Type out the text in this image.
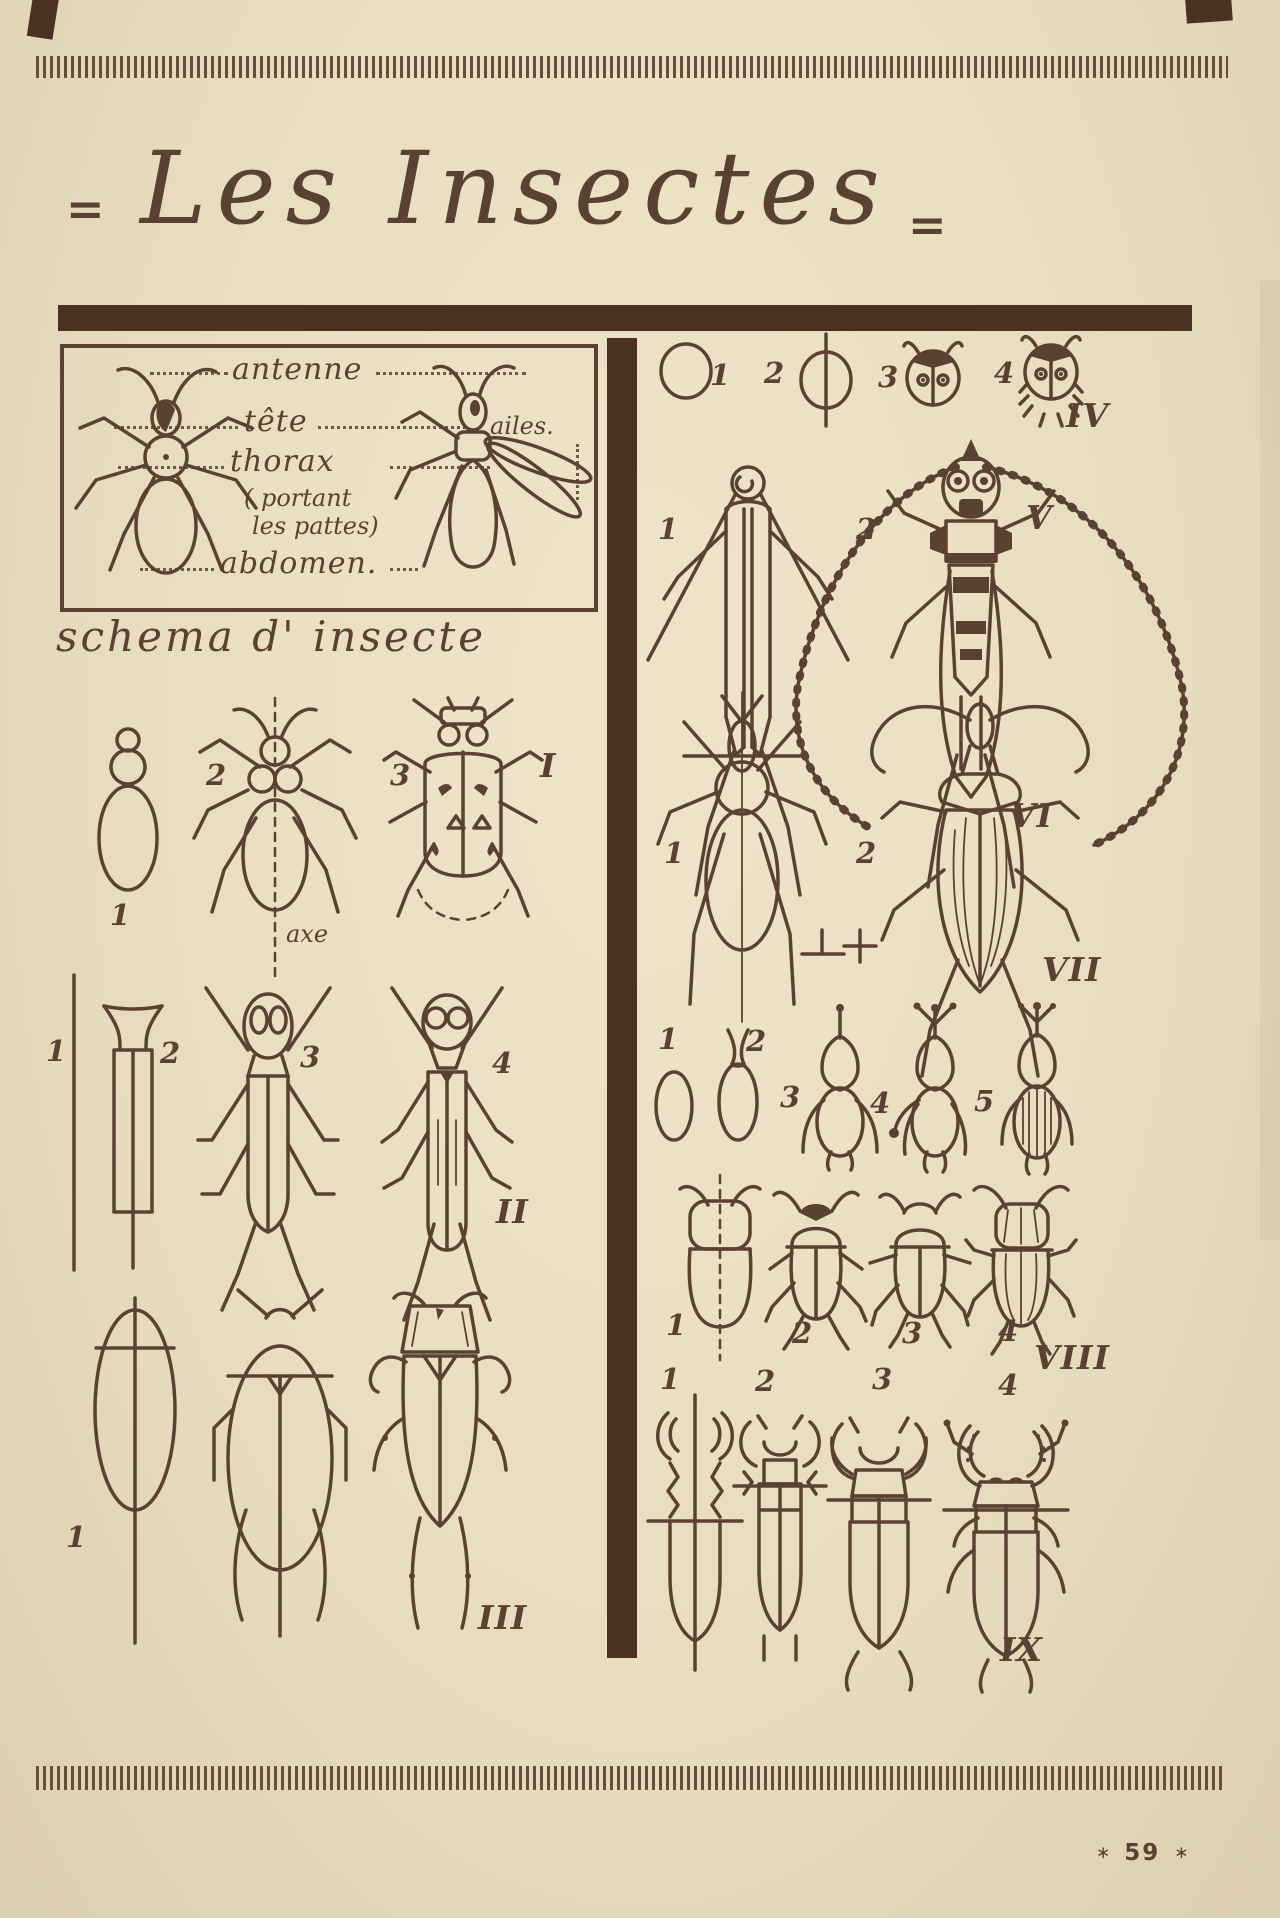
= Les Insectes =
antenne
tête	ailes.
thorax
( portant
les pattes)
abdomen.
schema d' insecte
1
2
axe
3	I
1	2	3	4
II
1
III
1 2	3	4
IV
1	2	V
1	2
VI
VII
1 2
3 4	5
1	2	3	4
VIII
1	2	3	4
IX
∗ 59 ∗
